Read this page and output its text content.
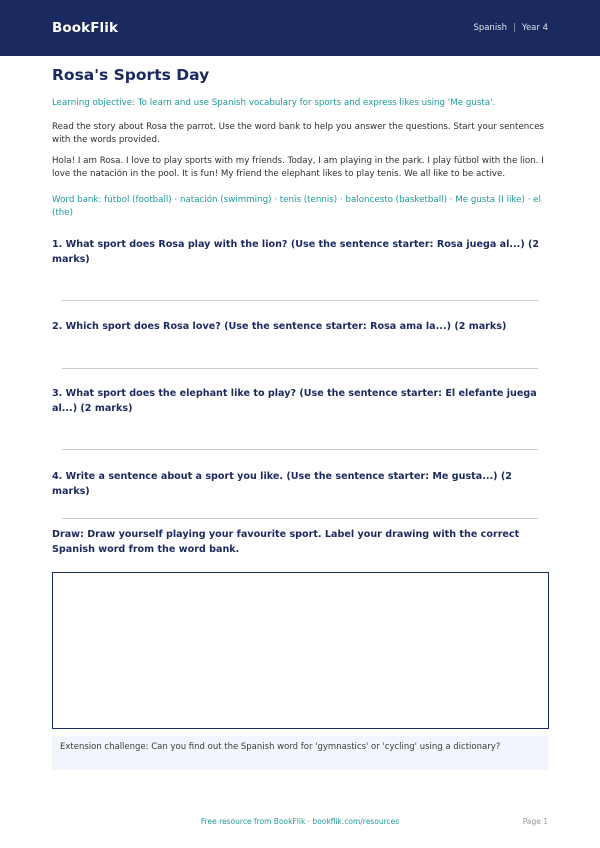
BookFlik	Spanish | Year 4
Rosa's Sports Day
Learning objective: To learn and use Spanish vocabulary for sports and express likes using 'Me gusta'.
Read the story about Rosa the parrot. Use the word bank to help you answer the questions. Start your sentences with the words provided.
Hola! I am Rosa. I love to play sports with my friends. Today, I am playing in the park. I play fútbol with the lion. I love the natación in the pool. It is fun! My friend the elephant likes to play tenis. We all like to be active.
Word bank: fútbol (football) · natación (swimming) · tenis (tennis) · baloncesto (basketball) · Me gusta (I like) · el (the)
1. What sport does Rosa play with the lion? (Use the sentence starter: Rosa juega al...) (2 marks)
2. Which sport does Rosa love? (Use the sentence starter: Rosa ama la...) (2 marks)
3. What sport does the elephant like to play? (Use the sentence starter: El elefante juega al...) (2 marks)
4. Write a sentence about a sport you like. (Use the sentence starter: Me gusta...) (2 marks)
Draw: Draw yourself playing your favourite sport. Label your drawing with the correct Spanish word from the word bank.
Extension challenge: Can you find out the Spanish word for 'gymnastics' or 'cycling' using a dictionary?
Free resource from BookFlik · bookflik.com/resources	Page 1
